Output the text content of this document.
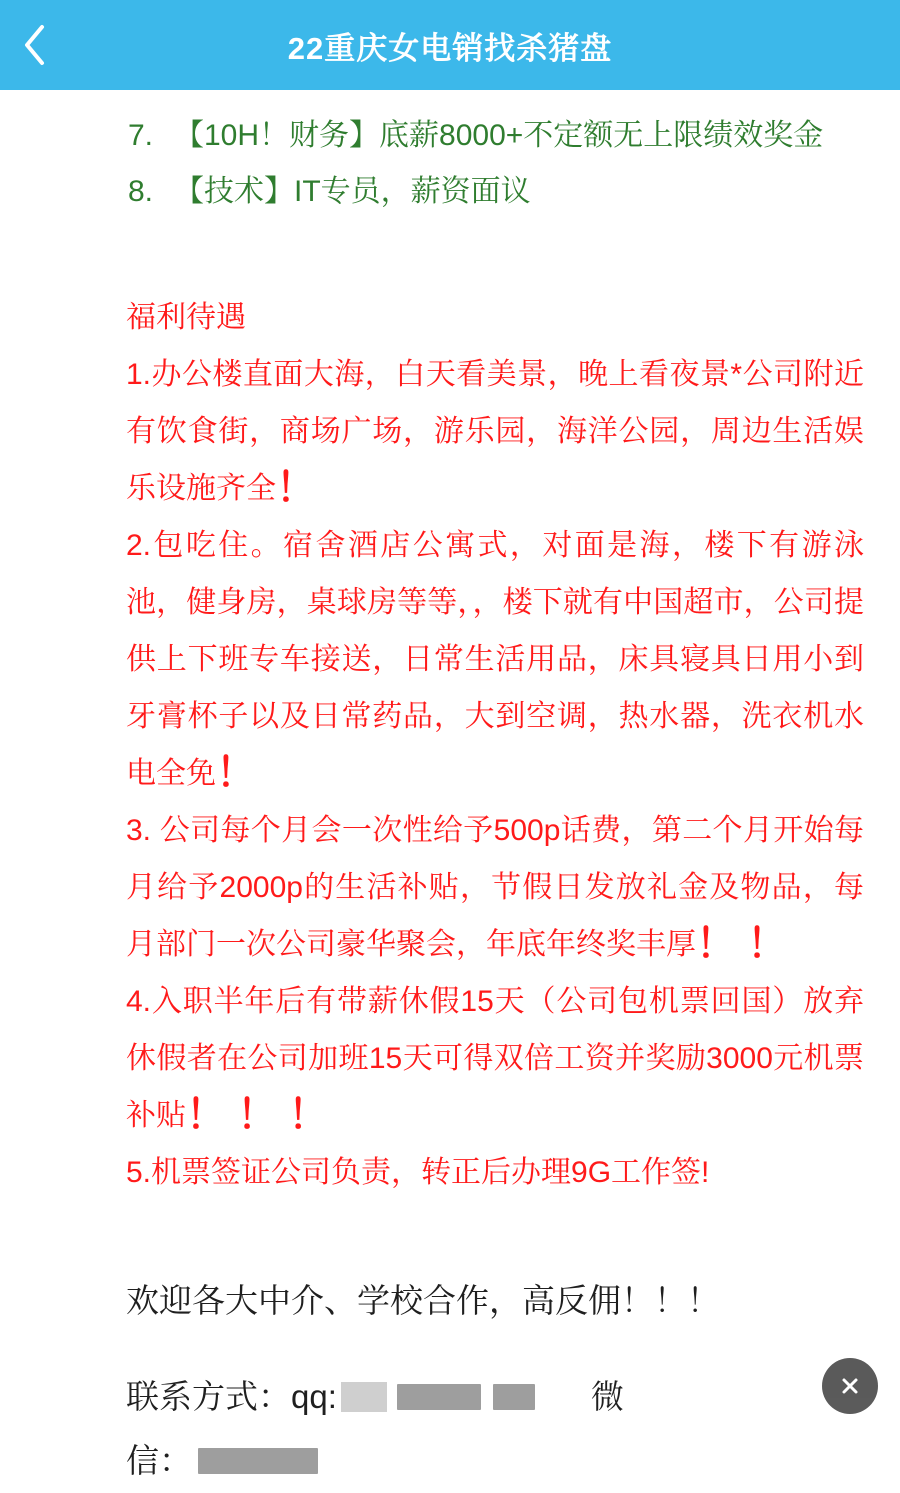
22重庆女电销找杀猪盘
7. 【10H！财务】底薪8000+不定额无上限绩效奖金
8. 【技术】IT专员，薪资面议
福利待遇
1.办公楼直面大海，白天看美景，晚上看夜景*公司附近有饮食街，商场广场，游乐园，海洋公园，周边生活娱乐设施齐全！
2.包吃住。宿舍酒店公寓式，对面是海，楼下有游泳池，健身房，桌球房等等，，楼下就有中国超市，公司提供上下班专车接送，日常生活用品，床具寝具日用小到牙膏杯子以及日常药品，大到空调，热水器，洗衣机水电全免！
3. 公司每个月会一次性给予500p话费，第二个月开始每月给予2000p的生活补贴，节假日发放礼金及物品，每月部门一次公司豪华聚会，年底年终奖丰厚！ ！
4.入职半年后有带薪休假15天（公司包机票回国）放弃休假者在公司加班15天可得双倍工资并奖励3000元机票补贴！ ！ ！
5.机票签证公司负责，转正后办理9G工作签!
欢迎各大中介、学校合作，高反佣！！！
联系方式： qq:	微
信：
